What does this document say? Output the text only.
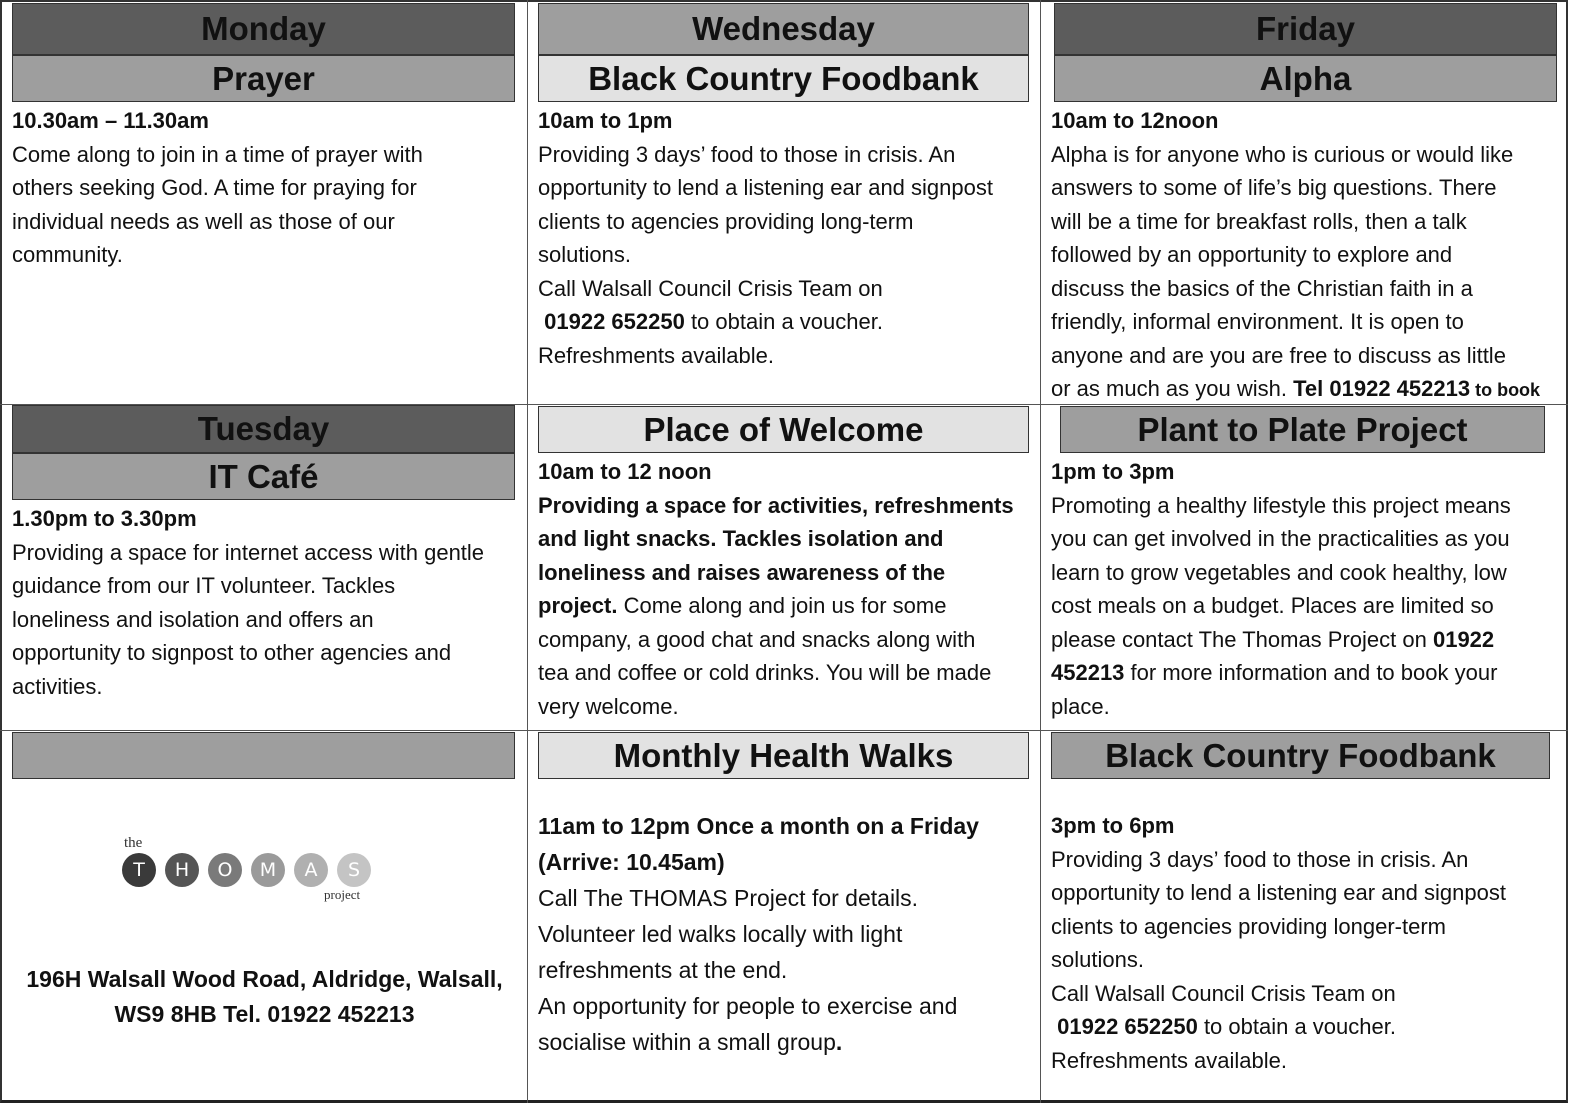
Monday
Prayer
10.30am – 11.30am
Come along to join in a time of prayer with
others seeking God. A time for praying for
individual needs as well as those of our
community.
Wednesday
Black Country Foodbank
10am to 1pm
Providing 3 days’ food to those in crisis. An
opportunity to lend a listening ear and signpost
clients to agencies providing long-term
solutions.
Call Walsall Council Crisis Team on
01922 652250 to obtain a voucher.
Refreshments available.
Friday
Alpha
10am to 12noon
Alpha is for anyone who is curious or would like
answers to some of life’s big questions. There
will be a time for breakfast rolls, then a talk
followed by an opportunity to explore and
discuss the basics of the Christian faith in a
friendly, informal environment. It is open to
anyone and are you are free to discuss as little
or as much as you wish. Tel 01922 452213 to book
Tuesday
IT Café
1.30pm to 3.30pm
Providing a space for internet access with gentle
guidance from our IT volunteer. Tackles
loneliness and isolation and offers an
opportunity to signpost to other agencies and
activities.
Place of Welcome
10am to 12 noon
Providing a space for activities, refreshments
and light snacks. Tackles isolation and
loneliness and raises awareness of the
project. Come along and join us for some
company, a good chat and snacks along with
tea and coffee or cold drinks. You will be made
very welcome.
Plant to Plate Project
1pm to 3pm
Promoting a healthy lifestyle this project means
you can get involved in the practicalities as you
learn to grow vegetables and cook healthy, low
cost meals on a budget. Places are limited so
please contact The Thomas Project on 01922
452213 for more information and to book your
place.
the
T	H	O	M	A	S
project
196H Walsall Wood Road, Aldridge, Walsall,
WS9 8HB Tel. 01922 452213
Monthly Health Walks
11am to 12pm Once a month on a Friday
(Arrive: 10.45am)
Call The THOMAS Project for details.
Volunteer led walks locally with light
refreshments at the end.
An opportunity for people to exercise and
socialise within a small group.
Black Country Foodbank
3pm to 6pm
Providing 3 days’ food to those in crisis. An
opportunity to lend a listening ear and signpost
clients to agencies providing longer-term
solutions.
Call Walsall Council Crisis Team on
01922 652250 to obtain a voucher.
Refreshments available.
